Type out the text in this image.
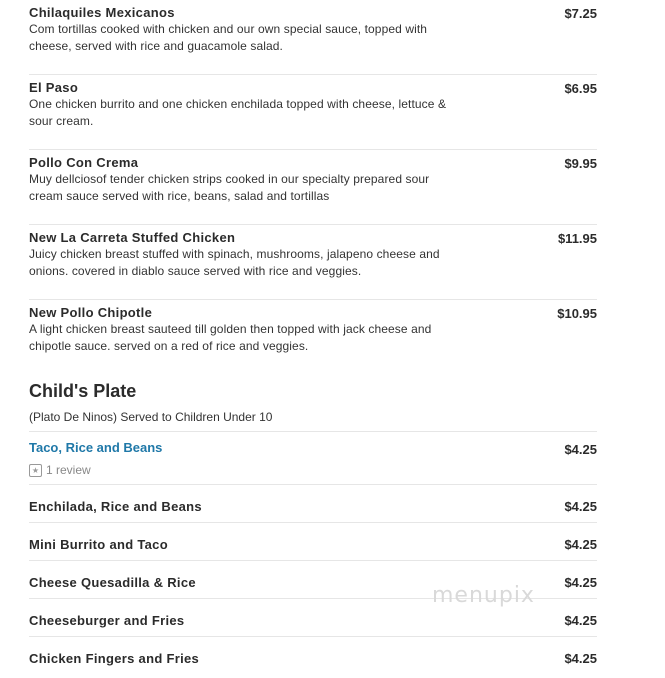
Chilaquiles Mexicanos	$7.25
Com tortillas cooked with chicken and our own special sauce, topped with
cheese, served with rice and guacamole salad.
El Paso	$6.95
One chicken burrito and one chicken enchilada topped with cheese, lettuce &
sour cream.
Pollo Con Crema	$9.95
Muy dellciosof tender chicken strips cooked in our specialty prepared sour
cream sauce served with rice, beans, salad and tortillas
New La Carreta Stuffed Chicken	$11.95
Juicy chicken breast stuffed with spinach, mushrooms, jalapeno cheese and
onions. covered in diablo sauce served with rice and veggies.
New Pollo Chipotle	$10.95
A light chicken breast sauteed till golden then topped with jack cheese and
chipotle sauce. served on a red of rice and veggies.
Child's Plate
(Plato De Ninos) Served to Children Under 10
Taco, Rice and Beans	$4.25
★ 1 review
Enchilada, Rice and Beans	$4.25
Mini Burrito and Taco	$4.25
Cheese Quesadilla & Rice	$4.25
Cheeseburger and Fries	$4.25
Chicken Fingers and Fries	$4.25
menupix
